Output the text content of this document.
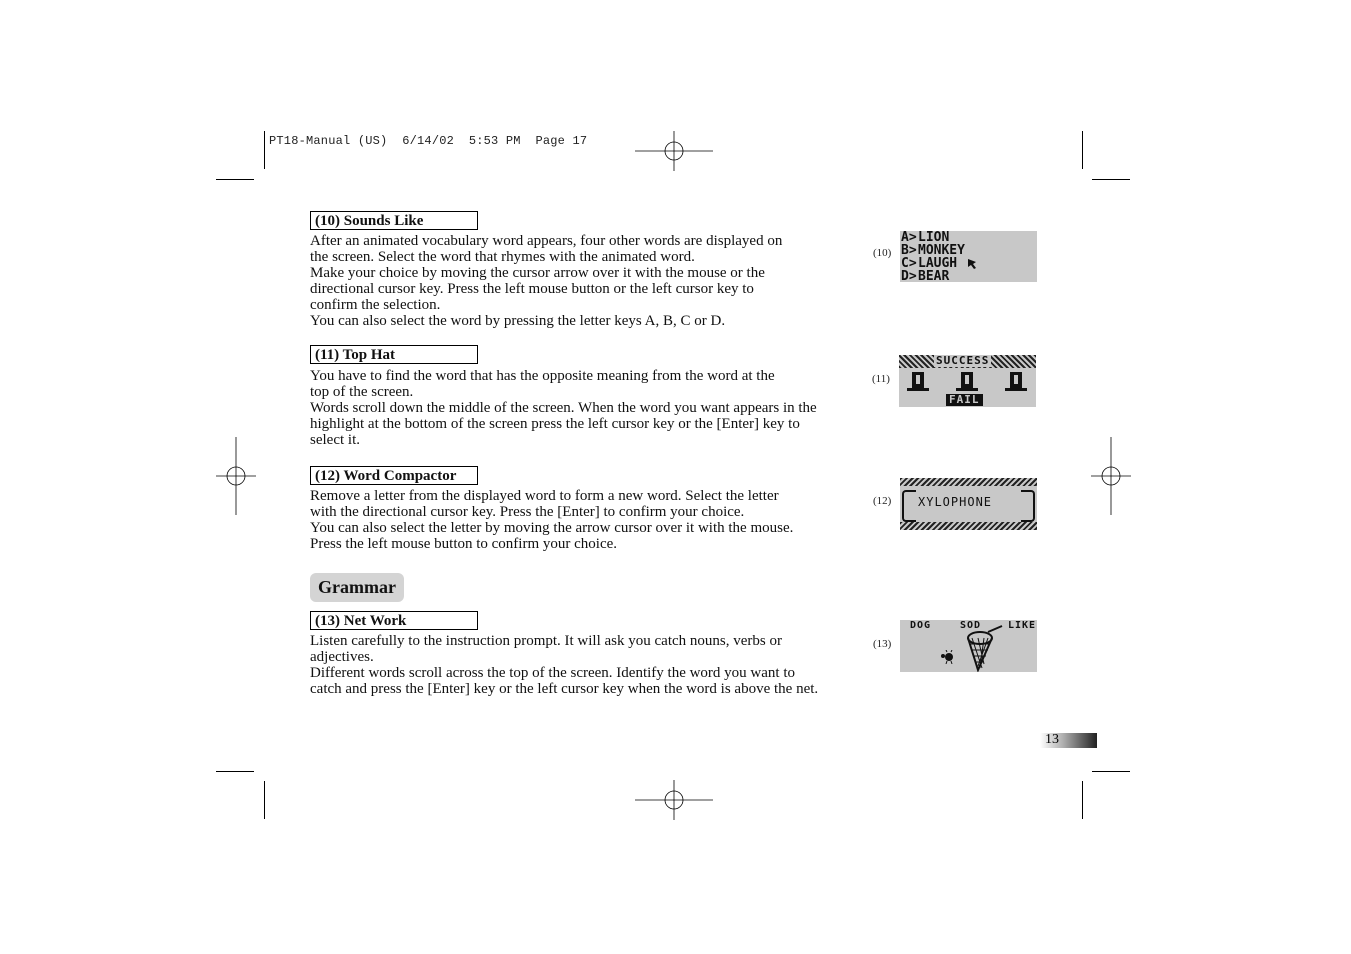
PT18-Manual (US)  6/14/02  5:53 PM  Page 17
(10) Sounds Like
After an animated vocabulary word appears, four other words are displayed on
the screen. Select the word that rhymes with the animated word.
Make your choice by moving the cursor arrow over it with the mouse or the
directional cursor key. Press the left mouse button or the left cursor key to
confirm the selection.
You can also select the word by pressing the letter keys A, B, C or D.
(10)
A> LION
B> MONKEY
C> LAUGH
D> BEAR
(11) Top Hat
You have to find the word that has the opposite meaning from the word at the
top of the screen.
Words scroll down the middle of the screen. When the word you want appears in the
highlight at the bottom of the screen press the left cursor key or the [Enter] key to
select it.
(11)
SUCCESS
FAIL
(12) Word Compactor
Remove a letter from the displayed word to form a new word. Select the letter
with the directional cursor key. Press the [Enter] to confirm your choice.
You can also select the letter by moving the arrow cursor over it with the mouse.
Press the left mouse button to confirm your choice.
(12) XYLOPHONE
Grammar
(13) Net Work
Listen carefully to the instruction prompt. It will ask you catch nouns, verbs or
adjectives.
Different words scroll across the top of the screen. Identify the word you want to
catch and press the [Enter] key or the left cursor key when the word is above the net.
(13)
DOG	SOD	LIKE
13
